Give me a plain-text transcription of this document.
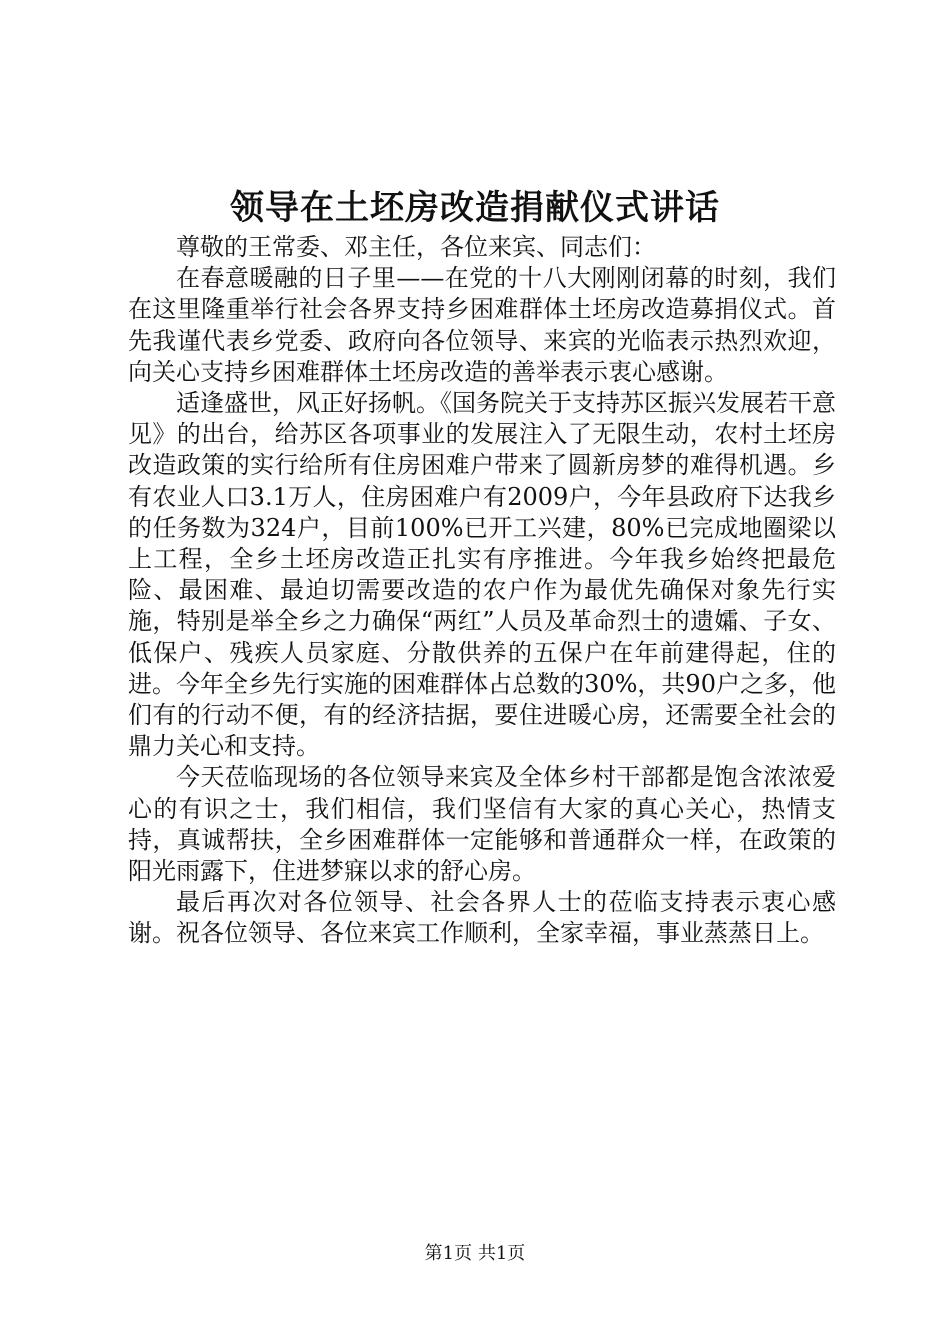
领导在土坯房改造捐献仪式讲话

尊敬的王常委、邓主任，各位来宾、同志们：

在春意暖融的日子里——在党的十八大刚刚闭幕的时刻，我们在这里隆重举行社会各界支持乡困难群体土坯房改造募捐仪式。首先我谨代表乡党委、政府向各位领导、来宾的光临表示热烈欢迎，向关心支持乡困难群体土坯房改造的善举表示衷心感谢。

适逢盛世，风正好扬帆。《国务院关于支持苏区振兴发展若干意见》的出台，给苏区各项事业的发展注入了无限生动，农村土坯房改造政策的实行给所有住房困难户带来了圆新房梦的难得机遇。乡有农业人口3.1万人，住房困难户有2009户，今年县政府下达我乡的任务数为324户，目前100%已开工兴建，80%已完成地圈梁以上工程，全乡土坯房改造正扎实有序推进。今年我乡始终把最危险、最困难、最迫切需要改造的农户作为最优先确保对象先行实施，特别是举全乡之力确保“两红”人员及革命烈士的遗孀、子女、低保户、残疾人员家庭、分散供养的五保户在年前建得起，住的进。今年全乡先行实施的困难群体占总数的30%，共90户之多，他们有的行动不便，有的经济拮据，要住进暖心房，还需要全社会的鼎力关心和支持。

今天莅临现场的各位领导来宾及全体乡村干部都是饱含浓浓爱心的有识之士，我们相信，我们坚信有大家的真心关心，热情支持，真诚帮扶，全乡困难群体一定能够和普通群众一样，在政策的阳光雨露下，住进梦寐以求的舒心房。

最后再次对各位领导、社会各界人士的莅临支持表示衷心感谢。祝各位领导、各位来宾工作顺利，全家幸福，事业蒸蒸日上。

第1页 共1页
